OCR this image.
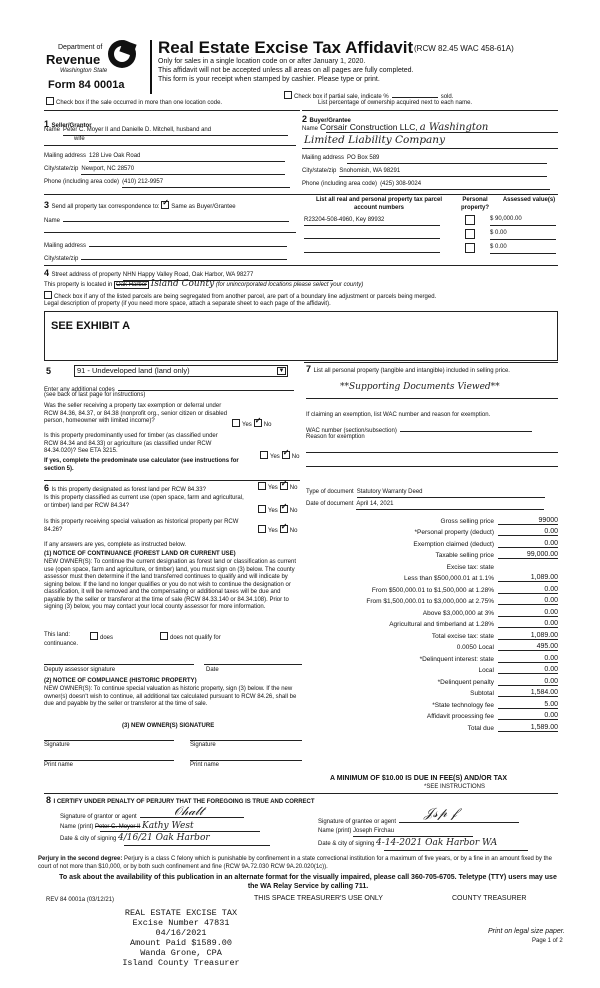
Department of
Revenue
Washington State
Form 84 0001a
Real Estate Excise Tax Affidavit (RCW 82.45 WAC 458-61A)
Only for sales in a single location code on or after January 1, 2020.
This affidavit will not be accepted unless all areas on all pages are fully completed.
This form is your receipt when stamped by cashier. Please type or print.
Check box if the sale occurred in more than one location code.
Check box if partial sale, indicate %	sold.
List percentage of ownership acquired next to each name.
1 Seller/Grantor
Name Peter C. Moyer II and Danielle D. Mitchell, husband and
wife
Mailing address 128 Live Oak Road
City/state/zip Newport, NC 28570
Phone (including area code) (410) 212-9957
2 Buyer/Grantee
Name Corsair Construction LLC, a Washington
Limited Liability Company
Mailing address PO Box 589
City/state/zip Snohomish, WA 98291
Phone (including area code) (425) 308-9024
3 Send all property tax correspondence to: ✓ Same as Buyer/Grantee
Name
Mailing address
City/state/zip
List all real and personal property tax parcel account numbers
Personal property?
Assessed value(s)
R23204-508-4960, Key 89932	$ 90,000.00
$ 0.00
$ 0.00
4 Street address of property NHN Happy Valley Road, Oak Harbor, WA 98277
This property is located in Oak Harbor Island County (for unincorporated locations please select your county)
Check box if any of the listed parcels are being segregated from another parcel, are part of a boundary line adjustment or parcels being merged.
Legal description of property (if you need more space, attach a separate sheet to each page of the affidavit).
SEE EXHIBIT A
5	91 - Undeveloped land (land only)	▼
Enter any additional codes
(see back of last page for instructions)
Was the seller receiving a property tax exemption or deferral under RCW 84.36, 84.37, or 84.38 (nonprofit org., senior citizen or disabled person, homeowner with limited income)?
Yes ✓ No
Is this property predominantly used for timber (as classified under RCW 84.34 and 84.33) or agriculture (as classified under RCW 84.34.020)? See ETA 3215.
Yes ✓ No
If yes, complete the predominate use calculator (see instructions for section 5).
6 Is this property designated as forest land per RCW 84.33?	Yes ✓ No
Is this property classified as current use (open space, farm and agricultural, or timber) land per RCW 84.34?
Yes ✓ No
Is this property receiving special valuation as historical property per RCW 84.26?	Yes ✓ No
If any answers are yes, complete as instructed below.
(1) NOTICE OF CONTINUANCE (FOREST LAND OR CURRENT USE)
NEW OWNER(S): To continue the current designation as forest land or classification as current use (open space, farm and agriculture, or timber) land, you must sign on (3) below. The county assessor must then determine if the land transferred continues to qualify and will indicate by signing below. If the land no longer qualifies or you do not wish to continue the designation or classification, it will be removed and the compensating or additional taxes will be due and payable by the seller or transferor at the time of sale (RCW 84.33.140 or 84.34.108). Prior to signing (3) below, you may contact your local county assessor for more information.
This land:	does	does not qualify for
continuance.
Deputy assessor signature	Date
(2) NOTICE OF COMPLIANCE (HISTORIC PROPERTY)
NEW OWNER(S): To continue special valuation as historic property, sign (3) below. If the new owner(s) doesn't wish to continue, all additional tax calculated pursuant to RCW 84.26, shall be due and payable by the seller or transferor at the time of sale.
(3) NEW OWNER(S) SIGNATURE
Signature	Signature
Print name	Print name
7 List all personal property (tangible and intangible) included in selling price.
**Supporting Documents Viewed**
If claiming an exemption, list WAC number and reason for exemption.
WAC number (section/subsection)
Reason for exemption
Type of document Statutory Warranty Deed
Date of document April 14, 2021
Gross selling price	99000
*Personal property (deduct)	0.00
Exemption claimed (deduct)	0.00
Taxable selling price	99,000.00
Excise tax: state
Less than $500,000.01 at 1.1%	1,089.00
From $500,000.01 to $1,500,000 at 1.28%	0.00
From $1,500,000.01 to $3,000,000 at 2.75%	0.00
Above $3,000,000 at 3%	0.00
Agricultural and timberland at 1.28%	0.00
Total excise tax: state	1,089.00
0.0050 Local	495.00
*Delinquent interest: state	0.00
Local	0.00
*Delinquent penalty	0.00
Subtotal	1,584.00
*State technology fee	5.00
Affidavit processing fee	0.00
Total due	1,589.00
A MINIMUM OF $10.00 IS DUE IN FEE(S) AND/OR TAX
*SEE INSTRUCTIONS
8 I CERTIFY UNDER PENALTY OF PERJURY THAT THE FOREGOING IS TRUE AND CORRECT
Signature of grantor or agent	𝒪𝒽𝒶𝓁𝓉
Name (print) Peter C. Moyer II Kathy West
Date & city of signing 4/16/21 Oak Harbor
Signature of grantee or agent
𝒥𝓈𝓅 𝒻
Name (print) Joseph Firchau
Date & city of signing 4-14-2021 Oak Harbor WA
Perjury in the second degree: Perjury is a class C felony which is punishable by confinement in a state correctional institution for a maximum of five years, or by a fine in an amount fixed by the court of not more than $10,000, or by both such confinement and fine (RCW 9A.72.030 RCW 9A.20.020(1c)).
To ask about the availability of this publication in an alternate format for the visually impaired, please call 360-705-6705. Teletype (TTY) users may use the WA Relay Service by calling 711.
REV 84 0001a (03/12/21)	THIS SPACE TREASURER'S USE ONLY	COUNTY TREASURER
REAL ESTATE EXCISE TAX
Excise Number 47831
04/16/2021
Amount Paid $1589.00
Wanda Grone, CPA
Island County Treasurer
Print on legal size paper.
Page 1 of 2
